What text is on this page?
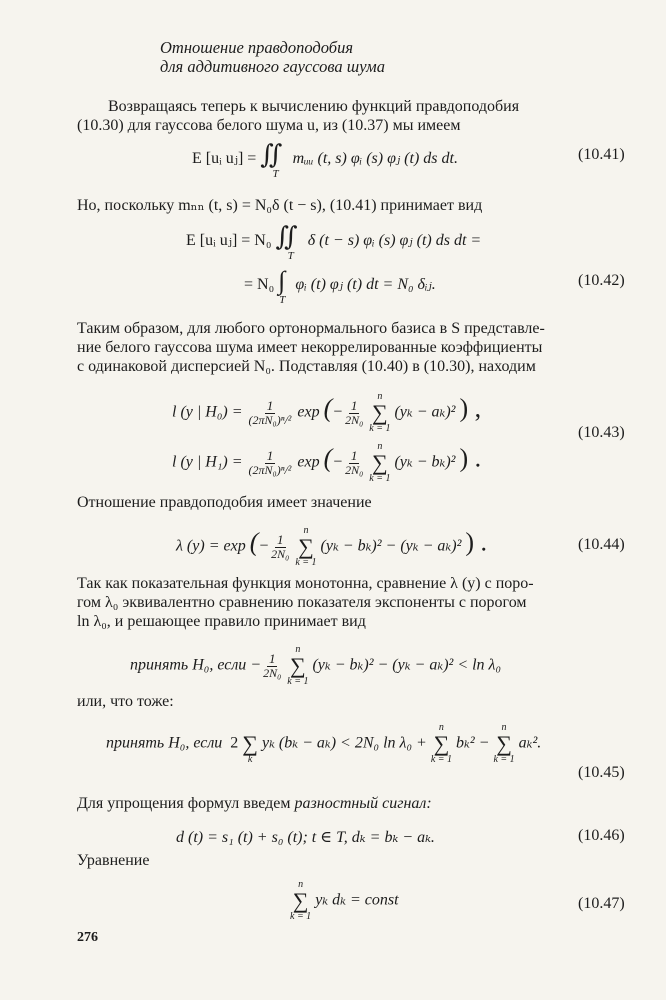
Отношение правдоподобия
для аддитивного гауссова шума
Возвращаясь теперь к вычислению функций правдоподобия
(10.30) для гауссова белого шума u, из (10.37) мы имеем
E [uᵢ uⱼ] = $∬_T$ mᵤᵤ (t, s) φᵢ (s) φⱼ (t) ds dt.	(10.41)
Но, поскольку mₙₙ (t, s) = N₀δ (t − s), (10.41) принимает вид
E [uᵢ uⱼ] = N₀ $∬_T$ δ (t − s) φᵢ (s) φⱼ (t) ds dt =
= N₀ $\int_T$ φᵢ (t) φⱼ (t) dt = N₀ δᵢⱼ.	(10.42)
Таким образом, для любого ортонормального базиса в S представле-
ние белого гауссова шума имеет некоррелированные коэффициенты
с одинаковой дисперсией N₀. Подставляя (10.40) в (10.30), находим
l (y | $H_0) = \frac{1}{\text{(2πN₀)ⁿ/²}}$ exp (− $\frac{1}{\text{2N₀}}$

n
∑
k = 1
(yₖ − aₖ)² ) ,
l (y | $H_1) = \frac{1}{\text{(2πN₀)ⁿ/²}}$ exp (− $\frac{1}{\text{2N₀}}$

n
∑
k = 1
(yₖ − bₖ)² ) .
(10.43)
Отношение правдоподобия имеет значение
λ (y) = exp (− $\frac{1}{\text{2N₀}}$

n
∑
k = 1
(yₖ − bₖ)² − (yₖ − aₖ)² ) .	(10.44)
Так как показательная функция монотонна, сравнение λ (y) с поро-
гом λ₀ эквивалентно сравнению показателя экспоненты с порогом
ln λ₀, и решающее правило принимает вид
принять H₀, если − $\frac{1}{\text{2N₀}}$

n
∑
k = 1
(yₖ − bₖ)² − (yₖ − aₖ)² < ln λ₀
или, что тоже:
принять H₀, если 2
∑
k
yₖ (bₖ − aₖ) < 2N₀ ln λ₀ +
n
∑
k = 1
bₖ² −
n
∑
k = 1
aₖ².
(10.45)
Для упрощения формул введем разностный сигнал:
d (t) = s₁ (t) + s₀ (t); t ∈ T, dₖ = bₖ − aₖ.	(10.46)
Уравнение
n
∑
k = 1
yₖ dₖ = const	(10.47)
276
